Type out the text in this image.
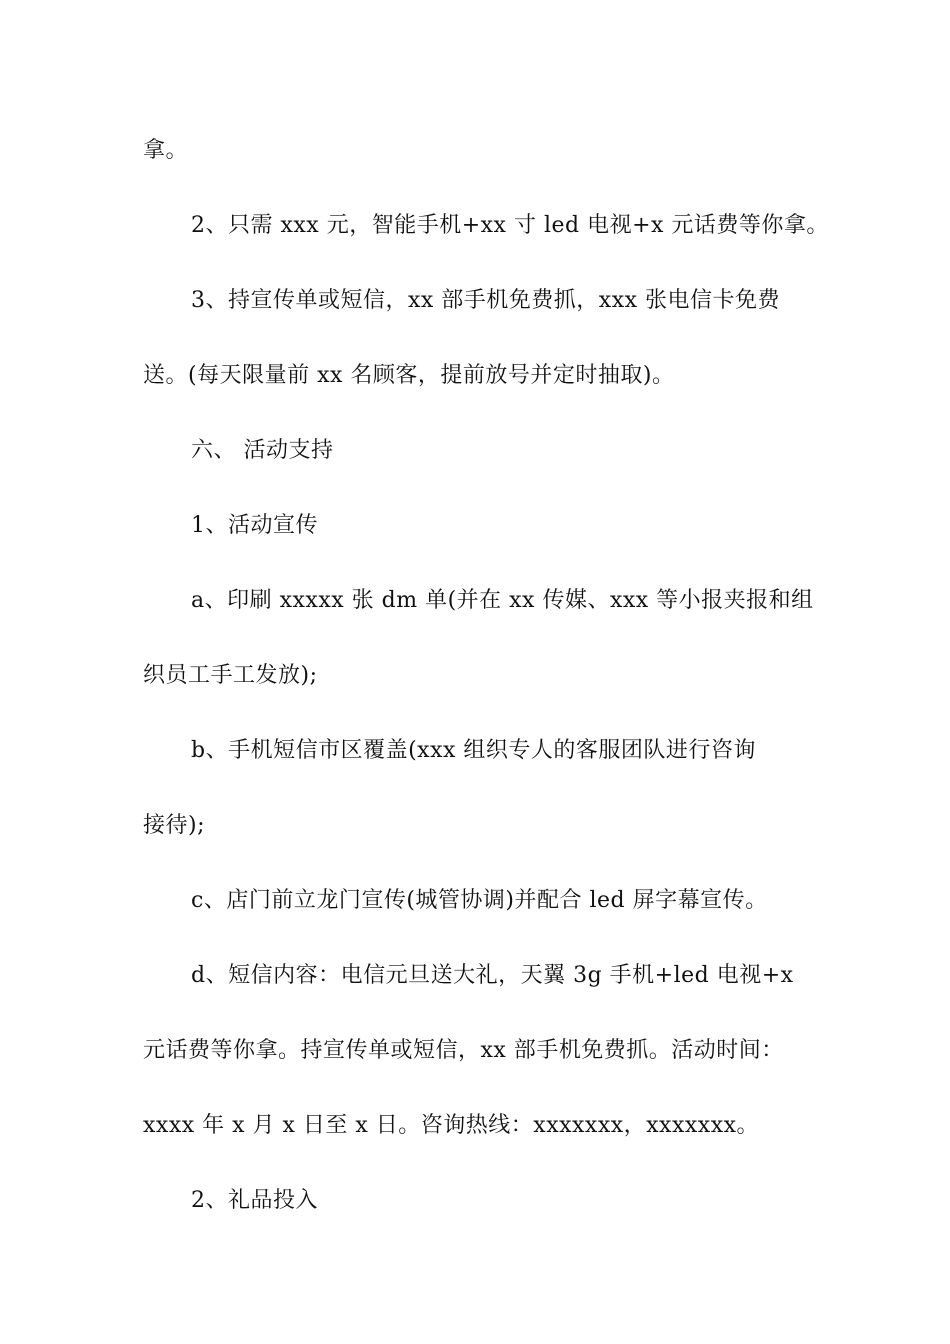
拿。
2、只需 xxx 元，智能手机+xx 寸 led 电视+x 元话费等你拿。
3、持宣传单或短信，xx 部手机免费抓，xxx 张电信卡免费
送。(每天限量前 xx 名顾客，提前放号并定时抽取)。
六、 活动支持
1、活动宣传
a、印刷 xxxxx 张 dm 单(并在 xx 传媒、xxx 等小报夹报和组
织员工手工发放);
b、手机短信市区覆盖(xxx 组织专人的客服团队进行咨询
接待);
c、店门前立龙门宣传(城管协调)并配合 led 屏字幕宣传。
d、短信内容：电信元旦送大礼，天翼 3g 手机+led 电视+x
元话费等你拿。持宣传单或短信，xx 部手机免费抓。活动时间：
xxxx 年 x 月 x 日至 x 日。咨询热线：xxxxxxx，xxxxxxx。
2、礼品投入
